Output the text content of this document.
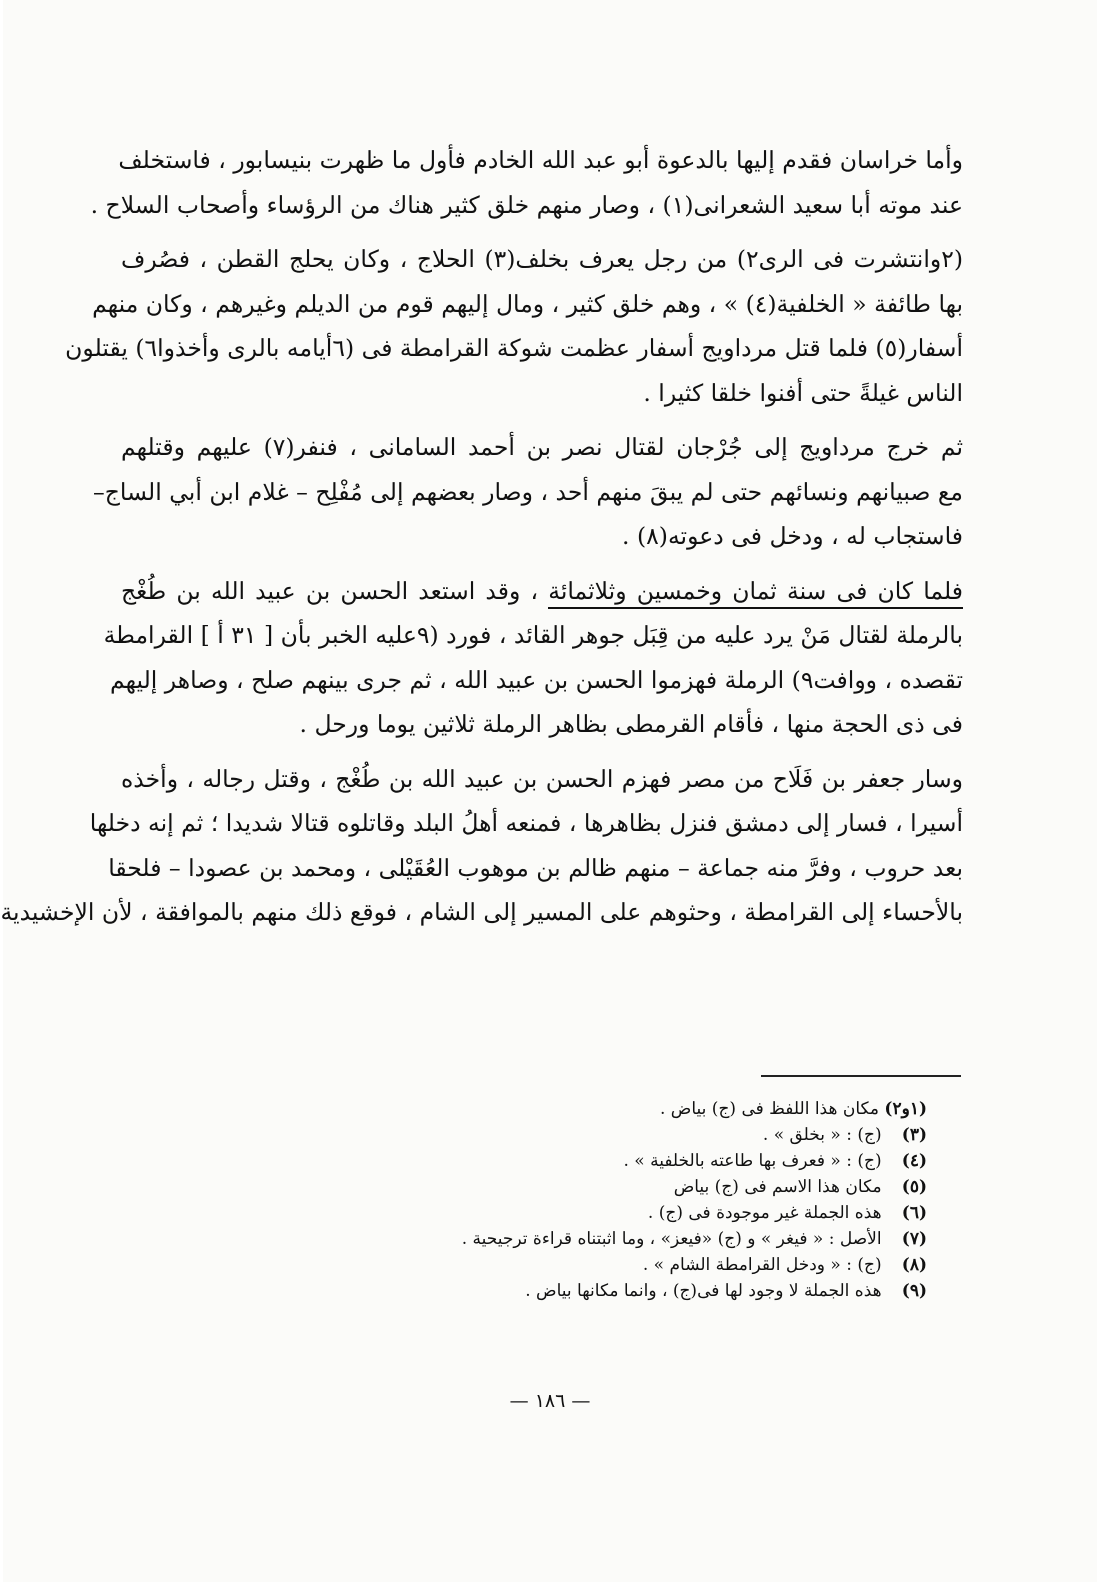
وأما خراسان فقدم إليها بالدعوة أبو عبد الله الخادم فأول ما ظهرت بنيسابور ، فاستخلف
عند موته أبا سعيد الشعرانى(١) ، وصار منهم خلق كثير هناك من الرؤساء وأصحاب السلاح .
(٢وانتشرت فى الرى٢) من رجل يعرف بخلف(٣) الحلاج ، وكان يحلج القطن ، فصُرف
بها طائفة « الخلفية(٤) » ، وهم خلق كثير ، ومال إليهم قوم من الديلم وغيرهم ، وكان منهم
أسفار(٥) فلما قتل مرداويج أسفار عظمت شوكة القرامطة فى (٦أيامه بالرى وأخذوا٦) يقتلون
الناس غيلةً حتى أفنوا خلقا كثيرا .
ثم خرج مرداويج إلى جُرْجان لقتال نصر بن أحمد السامانى ، فنفر(٧) عليهم وقتلهم
مع صبيانهم ونسائهم حتى لم يبقَ منهم أحد ، وصار بعضهم إلى مُفْلِح – غلام ابن أبي الساج–
فاستجاب له ، ودخل فى دعوته(٨) .
فلما كان فى سنة ثمان وخمسين وثلاثمائة ، وقد استعد الحسن بن عبيد الله بن طُغْج
بالرملة لقتال مَنْ يرد عليه من قِبَل جوهر القائد ، فورد (٩عليه الخبر بأن [ ٣١ أ ] القرامطة
تقصده ، ووافت٩) الرملة فهزموا الحسن بن عبيد الله ، ثم جرى بينهم صلح ، وصاهر إليهم
فى ذى الحجة منها ، فأقام القرمطى بظاهر الرملة ثلاثين يوما ورحل .
وسار جعفر بن فَلَاح من مصر فهزم الحسن بن عبيد الله بن طُغْج ، وقتل رجاله ، وأخذه
أسيرا ، فسار إلى دمشق فنزل بظاهرها ، فمنعه أهلُ البلد وقاتلوه قتالا شديدا ؛ ثم إنه دخلها
بعد حروب ، وفرَّ منه جماعة – منهم ظالم بن موهوب العُقَيْلى ، ومحمد بن عصودا – فلحقا
بالأحساء إلى القرامطة ، وحثوهم على المسير إلى الشام ، فوقع ذلك منهم بالموافقة ، لأن الإخشيدية
(١و٢) مكان هذا اللفظ فى (ج) بياض .
(٣) (ج) : « بخلق » .
(٤) (ج) : « فعرف بها طاعته بالخلفية » .
(٥) مكان هذا الاسم فى (ج) بياض
(٦) هذه الجملة غير موجودة فى (ج) .
(٧) الأصل : « فيغر » و (ج) «فيعز» ، وما اثبتناه قراءة ترجيحية .
(٨) (ج) : « ودخل القرامطة الشام » .
(٩) هذه الجملة لا وجود لها فى(ج) ، وانما مكانها بياض .
— ١٨٦ —
